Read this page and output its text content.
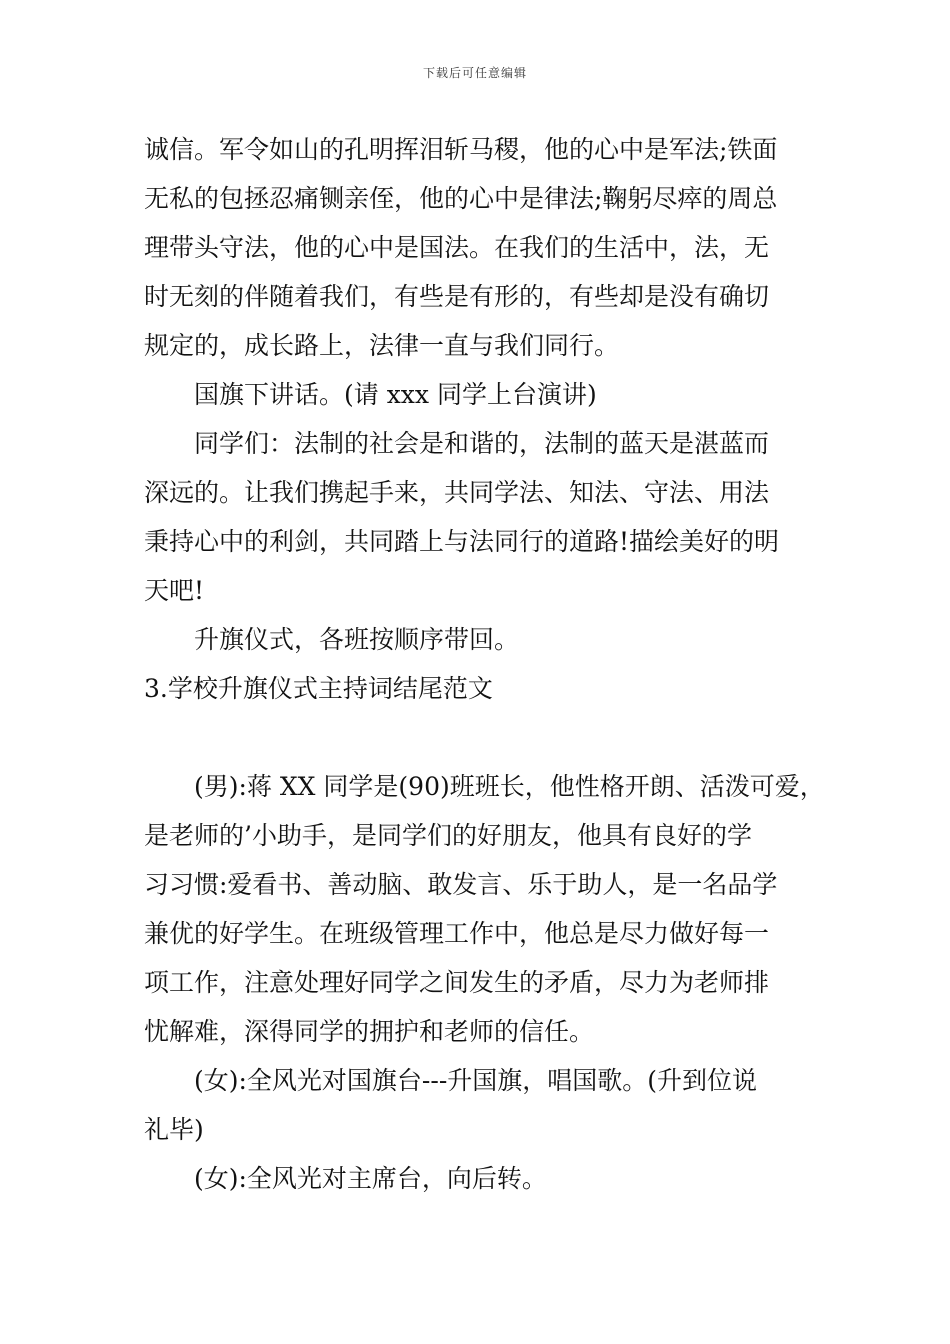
下载后可任意编辑

诚信。军令如山的孔明挥泪斩马稷，他的心中是军法;铁面

无私的包拯忍痛铡亲侄，他的心中是律法;鞠躬尽瘁的周总

理带头守法，他的心中是国法。在我们的生活中，法，无

时无刻的伴随着我们，有些是有形的，有些却是没有确切

规定的，成长路上，法律一直与我们同行。

国旗下讲话。(请 xxx 同学上台演讲)

同学们：法制的社会是和谐的，法制的蓝天是湛蓝而

深远的。让我们携起手来，共同学法、知法、守法、用法

秉持心中的利剑，共同踏上与法同行的道路!描绘美好的明

天吧!

升旗仪式，各班按顺序带回。

3.学校升旗仪式主持词结尾范文

(男):蒋 XX 同学是(90)班班长，他性格开朗、活泼可爱，

是老师的’小助手，是同学们的好朋友，他具有良好的学

习习惯:爱看书、善动脑、敢发言、乐于助人，是一名品学

兼优的好学生。在班级管理工作中，他总是尽力做好每一

项工作，注意处理好同学之间发生的矛盾，尽力为老师排

忧解难，深得同学的拥护和老师的信任。

(女):全风光对国旗台---升国旗，唱国歌。(升到位说

礼毕)

(女):全风光对主席台，向后转。
